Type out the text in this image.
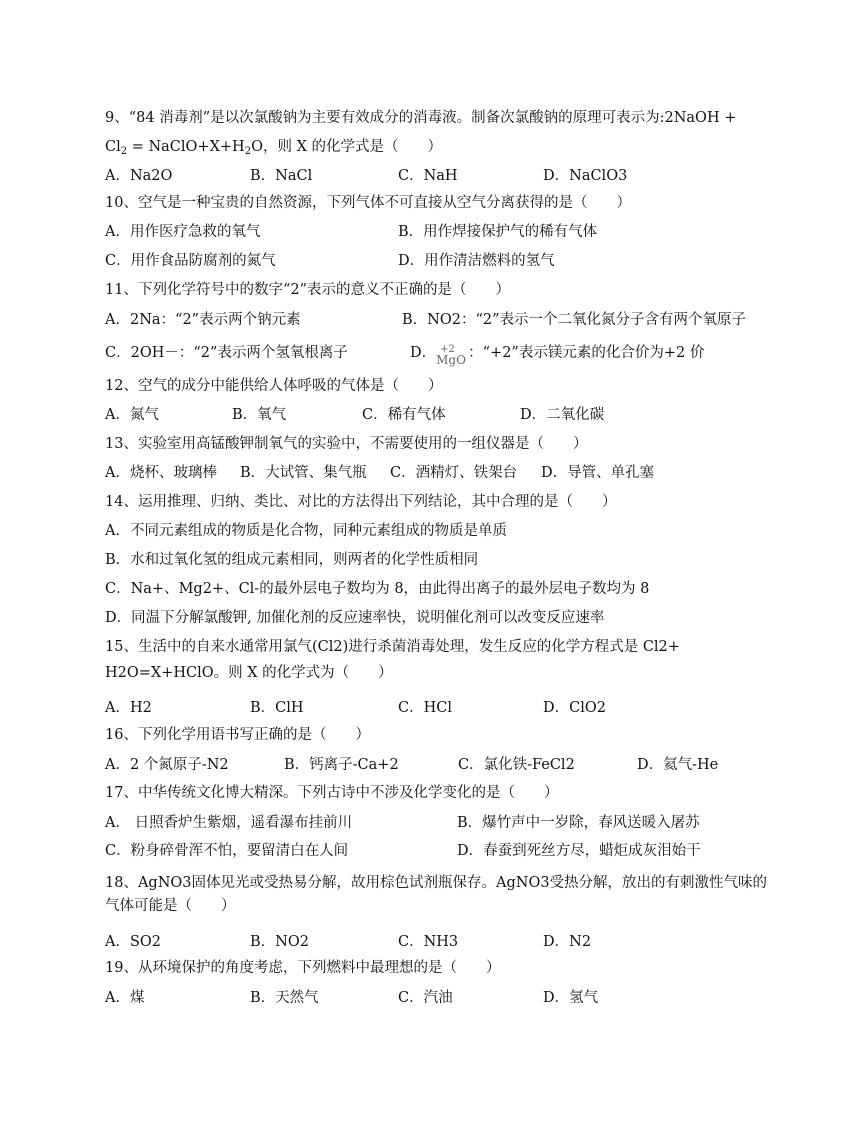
9、“84 消毒剂”是以次氯酸钠为主要有效成分的消毒液。制备次氯酸钠的原理可表示为:2NaOH +
$Cl_2$ = $NaClO+X+H_2O$，则 X 的化学式是（　　）
A．Na2O	B．NaCl	C．NaH	D．NaClO3
10、空气是一种宝贵的自然资源，下列气体不可直接从空气分离获得的是（　　）
A．用作医疗急救的氧气	B．用作焊接保护气的稀有气体
C．用作食品防腐剂的氮气	D．用作清洁燃料的氢气
11、下列化学符号中的数字“2”表示的意义不正确的是（　　）
A．2Na：“2”表示两个钠元素	B．NO2：“2”表示一个二氧化氮分子含有两个氧原子
C．2OH－：“2”表示两个氢氧根离子	D． +2
MgO ：“+2”表示镁元素的化合价为+2 价
12、空气的成分中能供给人体呼吸的气体是（　　）
A．氮气	B．氧气	C．稀有气体	D．二氧化碳
13、实验室用高锰酸钾制氧气的实验中，不需要使用的一组仪器是（　　）
A．烧杯、玻璃棒 B．大试管、集气瓶 C．酒精灯、铁架台 D．导管、单孔塞
14、运用推理、归纳、类比、对比的方法得出下列结论，其中合理的是（　　）
A．不同元素组成的物质是化合物，同种元素组成的物质是单质
B．水和过氧化氢的组成元素相同，则两者的化学性质相同
C．Na+、Mg2+、Cl-的最外层电子数均为 8，由此得出离子的最外层电子数均为 8
D．同温下分解氯酸钾, 加催化剂的反应速率快，说明催化剂可以改变反应速率
15、生活中的自来水通常用氯气(Cl2)进行杀菌消毒处理，发生反应的化学方程式是 Cl2+
H2O=X+HClO。则 X 的化学式为（　　）
A．H2	B．ClH	C．HCl	D．ClO2
16、下列化学用语书写正确的是（　　）
A．2 个氮原子-N2	B．钙离子-Ca+2	C．氯化铁-FeCl2	D．氦气-He
17、中华传统文化博大精深。下列古诗中不涉及化学变化的是（　　）
A． 日照香炉生紫烟，遥看瀑布挂前川	B．爆竹声中一岁除，春风送暖入屠苏
C．粉身碎骨浑不怕，要留清白在人间	D．春蚕到死丝方尽，蜡炬成灰泪始干
18、AgNO3固体见光或受热易分解，故用棕色试剂瓶保存。AgNO3受热分解，放出的有刺激性气味的
气体可能是（　　）
A．SO2	B．NO2	C．NH3	D．N2
19、从环境保护的角度考虑，下列燃料中最理想的是（　　）
A．煤	B．天然气	C．汽油	D．氢气
